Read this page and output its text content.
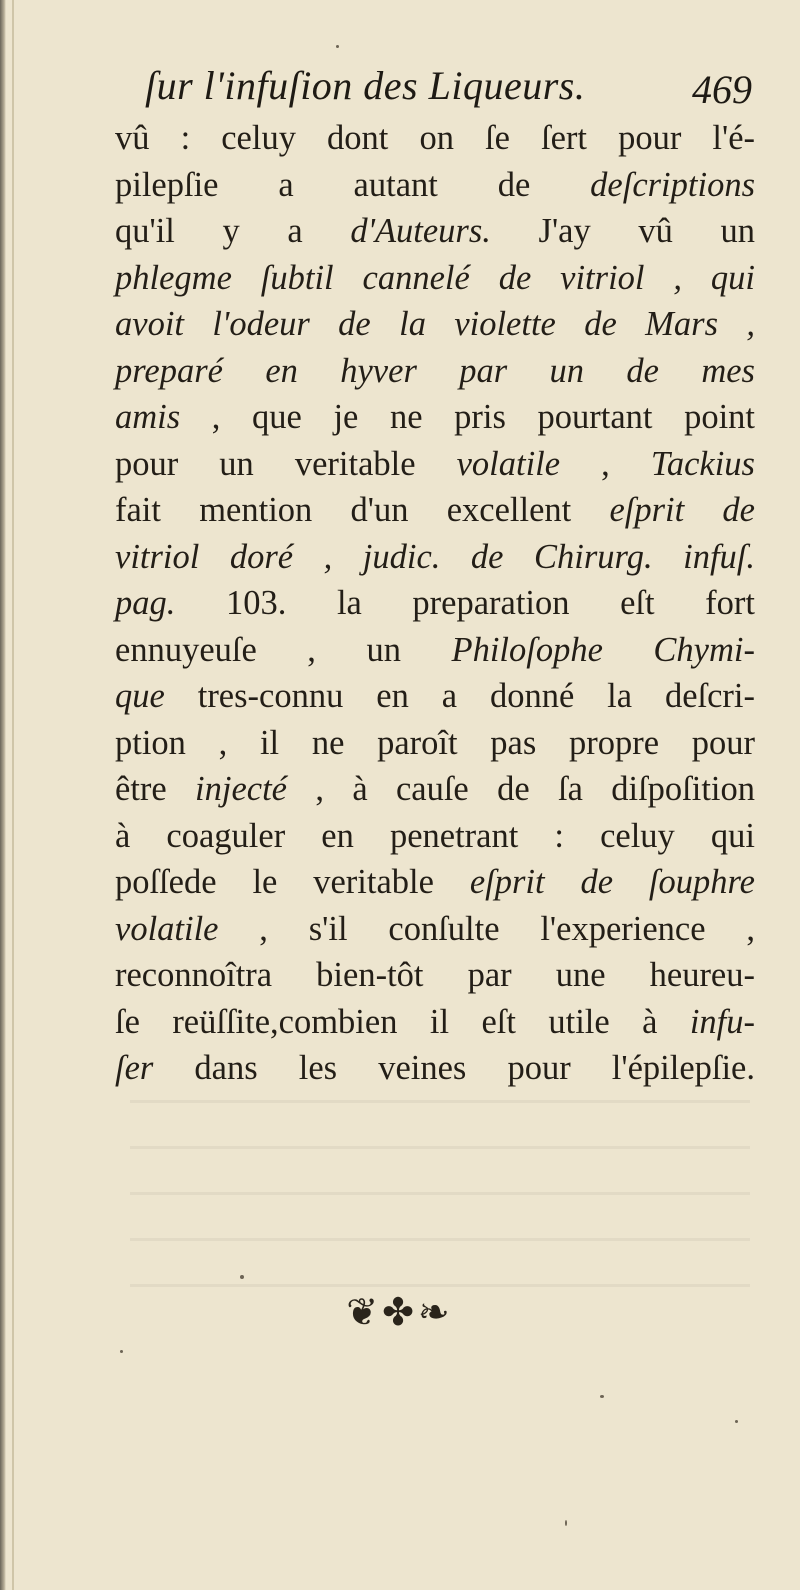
ſur l'infuſion des Liqueurs.	469
vû : celuy dont on ſe ſert pour l'é-
pilepſie a autant de deſcriptions
qu'il y a d'Auteurs. J'ay vû un
phlegme ſubtil cannelé de vitriol , qui
avoit l'odeur de la violette de Mars ,
preparé en hyver par un de mes
amis , que je ne pris pourtant point
pour un veritable volatile , Tackius
fait mention d'un excellent eſprit de
vitriol doré , judic. de Chirurg. infuſ.
pag. 103. la preparation eſt fort
ennuyeuſe , un Philoſophe Chymi-
que tres-connu en a donné la deſcri-
ption , il ne paroît pas propre pour
être injecté , à cauſe de ſa diſpoſition
à coaguler en penetrant : celuy qui
poſſede le veritable eſprit de ſouphre
volatile , s'il conſulte l'experience ,
reconnoîtra bien-tôt par une heureu-
ſe reüſſite,combien il eſt utile à infu-
ſer dans les veines pour l'épilepſie.
❦✤❧
